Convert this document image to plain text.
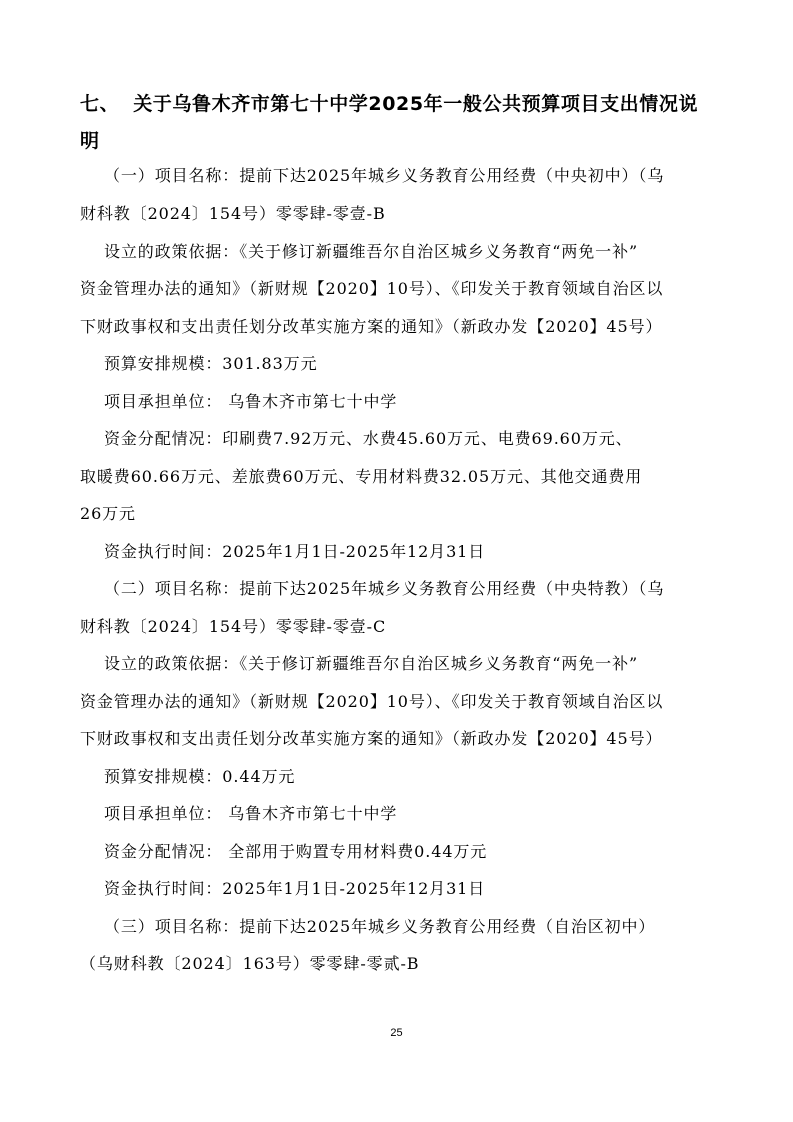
七、 关于乌鲁木齐市第七十中学2025年一般公共预算项目支出情况说
明
（一）项目名称：提前下达2025年城乡义务教育公用经费（中央初中）（乌
财科教〔2024〕154号）零零肆-零壹-B
设立的政策依据：《关于修订新疆维吾尔自治区城乡义务教育“两免一补”
资金管理办法的通知》（新财规【2020】10号）、《印发关于教育领域自治区以
下财政事权和支出责任划分改革实施方案的通知》（新政办发【2020】45号）
预算安排规模：301.83万元
项目承担单位： 乌鲁木齐市第七十中学
资金分配情况：印刷费7.92万元、水费45.60万元、电费69.60万元、
取暖费60.66万元、差旅费60万元、专用材料费32.05万元、其他交通费用
26万元
资金执行时间：2025年1月1日-2025年12月31日
（二）项目名称：提前下达2025年城乡义务教育公用经费（中央特教）（乌
财科教〔2024〕154号）零零肆-零壹-C
设立的政策依据：《关于修订新疆维吾尔自治区城乡义务教育“两免一补”
资金管理办法的通知》（新财规【2020】10号）、《印发关于教育领域自治区以
下财政事权和支出责任划分改革实施方案的通知》（新政办发【2020】45号）
预算安排规模：0.44万元
项目承担单位： 乌鲁木齐市第七十中学
资金分配情况： 全部用于购置专用材料费0.44万元
资金执行时间：2025年1月1日-2025年12月31日
（三）项目名称：提前下达2025年城乡义务教育公用经费（自治区初中）
（乌财科教〔2024〕163号）零零肆-零贰-B
25
